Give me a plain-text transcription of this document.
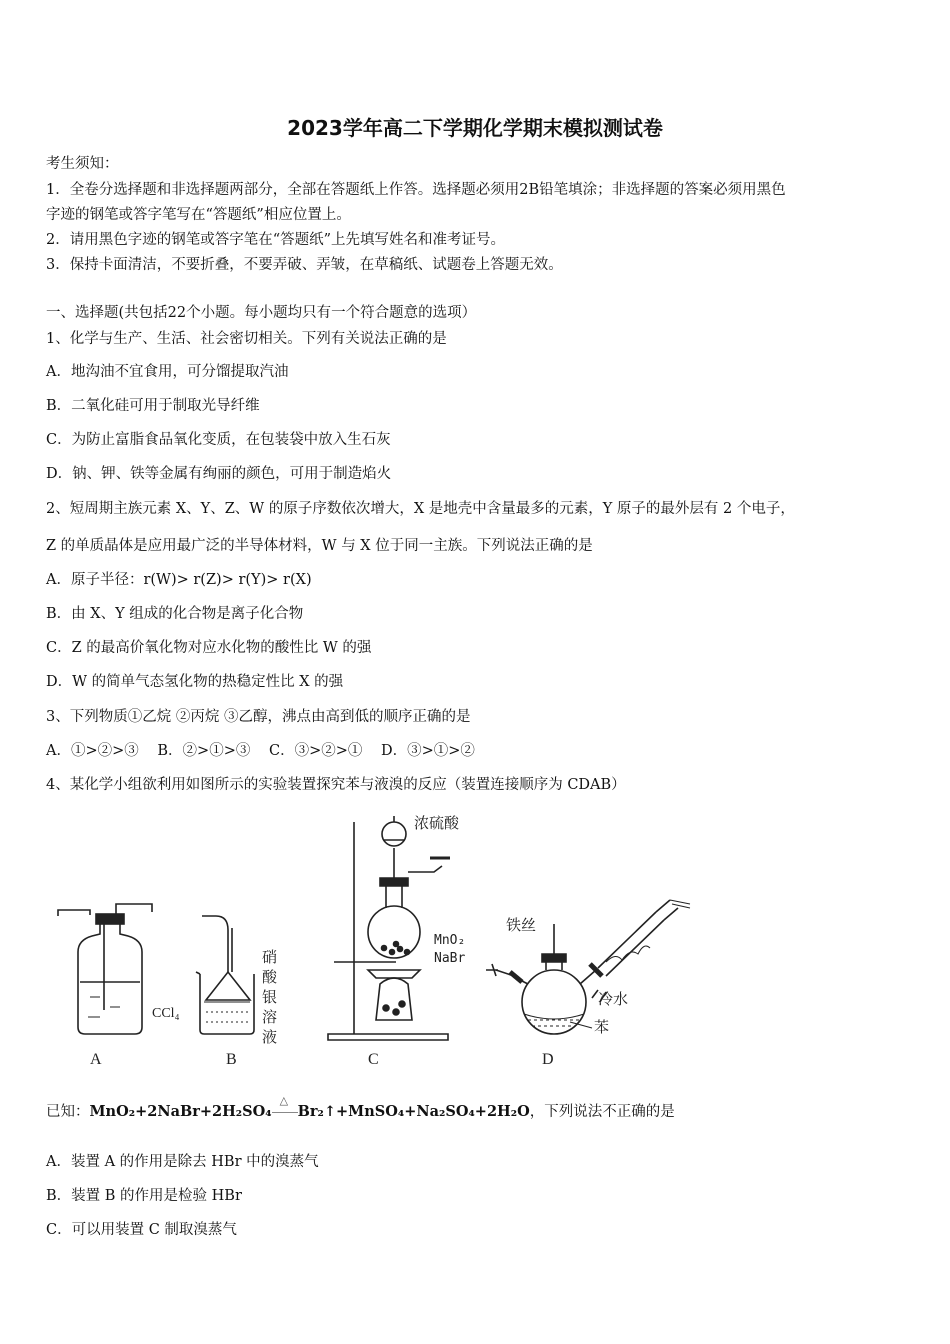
2023学年高二下学期化学期末模拟测试卷
考生须知：
1．全卷分选择题和非选择题两部分，全部在答题纸上作答。选择题必须用2B铅笔填涂；非选择题的答案必须用黑色
字迹的钢笔或答字笔写在“答题纸”相应位置上。
2．请用黑色字迹的钢笔或答字笔在“答题纸”上先填写姓名和准考证号。
3．保持卡面清洁，不要折叠，不要弄破、弄皱，在草稿纸、试题卷上答题无效。
一、选择题(共包括22个小题。每小题均只有一个符合题意的选项）
1、化学与生产、生活、社会密切相关。下列有关说法正确的是
A．地沟油不宜食用，可分馏提取汽油
B．二氧化硅可用于制取光导纤维
C．为防止富脂食品氧化变质，在包装袋中放入生石灰
D．钠、钾、铁等金属有绚丽的颜色，可用于制造焰火
2、短周期主族元素 X、Y、Z、W 的原子序数依次增大，X 是地壳中含量最多的元素，Y 原子的最外层有 2 个电子，
Z 的单质晶体是应用最广泛的半导体材料，W 与 X 位于同一主族。下列说法正确的是
A．原子半径：r(W)> r(Z)> r(Y)> r(X)
B．由 X、Y 组成的化合物是离子化合物
C．Z 的最高价氧化物对应水化物的酸性比 W 的强
D．W 的简单气态氢化物的热稳定性比 X 的强
3、下列物质①乙烷 ②丙烷 ③乙醇，沸点由高到低的顺序正确的是
A．①>②>③ B．②>①>③ C．③>②>① D．③>①>②
4、某化学小组欲利用如图所示的实验装置探究苯与液溴的反应（装置连接顺序为 CDAB）
CCl₄
A
硝
酸
银
溶
液
B
浓硫酸
MnO₂
NaBr
C
铁丝
冷水
苯
D
已知：MnO₂+2NaBr+2H₂SO₄
△
Br₂↑+MnSO₄+Na₂SO₄+2H₂O，下列说法不正确的是
A．装置 A 的作用是除去 HBr 中的溴蒸气
B．装置 B 的作用是检验 HBr
C．可以用装置 C 制取溴蒸气
